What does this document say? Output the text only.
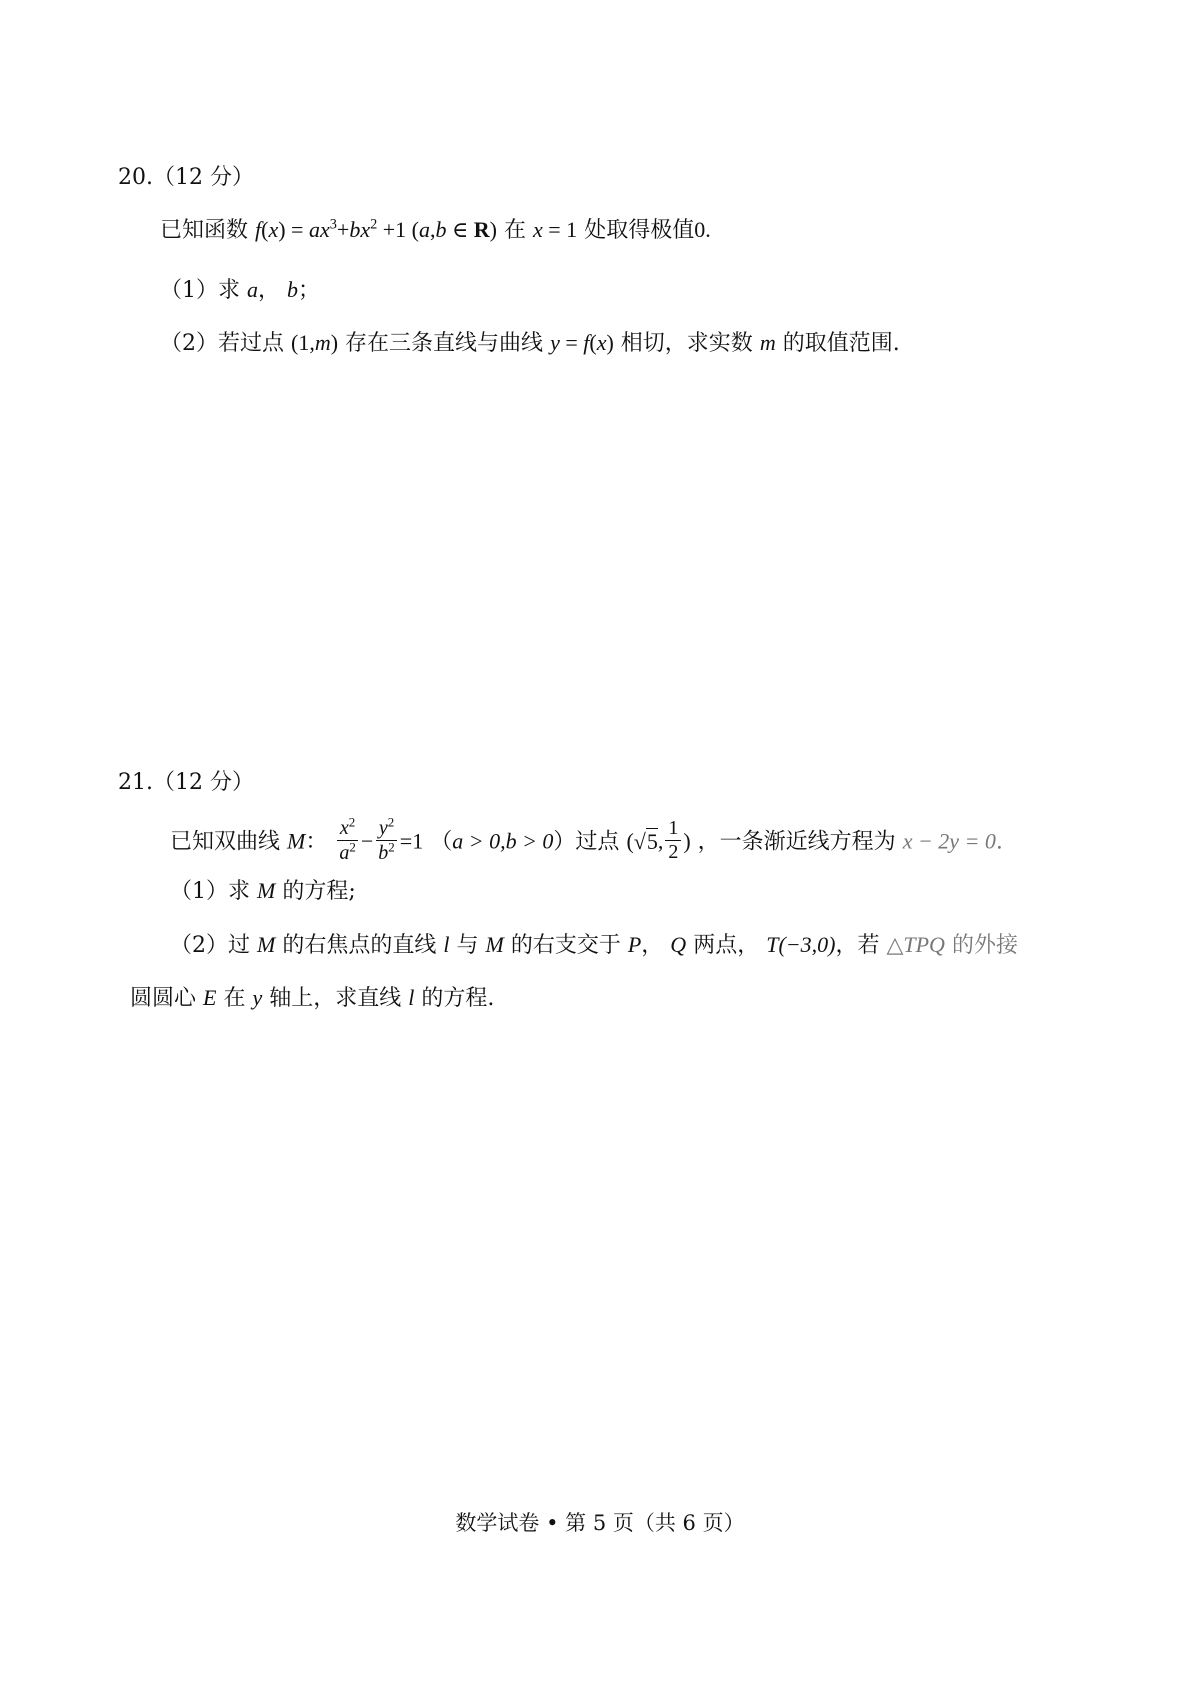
20.（12 分）
已知函数 $f(x) = ax^3+bx^2 +1$ (a,b ∈ R) 在 x = 1 处取得极值0.
（1）求 a， b；
（2）若过点 (1,m) 存在三条直线与曲线 y = f(x) 相切，求实数 m 的取值范围.
21.（12 分）
已知双曲线 M： $\frac{x^2}{a^2} - \frac{y^2}{b^2} =1$ （a > 0,b > 0）过点 (√5, $\frac{1}{2}$ ) ，一条渐近线方程为 x − 2y = 0.
（1）求 M 的方程;
（2）过 M 的右焦点的直线 l 与 M 的右支交于 P， Q 两点， T(−3,0)，若 △TPQ 的外接
圆圆心 E 在 y 轴上，求直线 l 的方程.
数学试卷 • 第 5 页（共 6 页）
